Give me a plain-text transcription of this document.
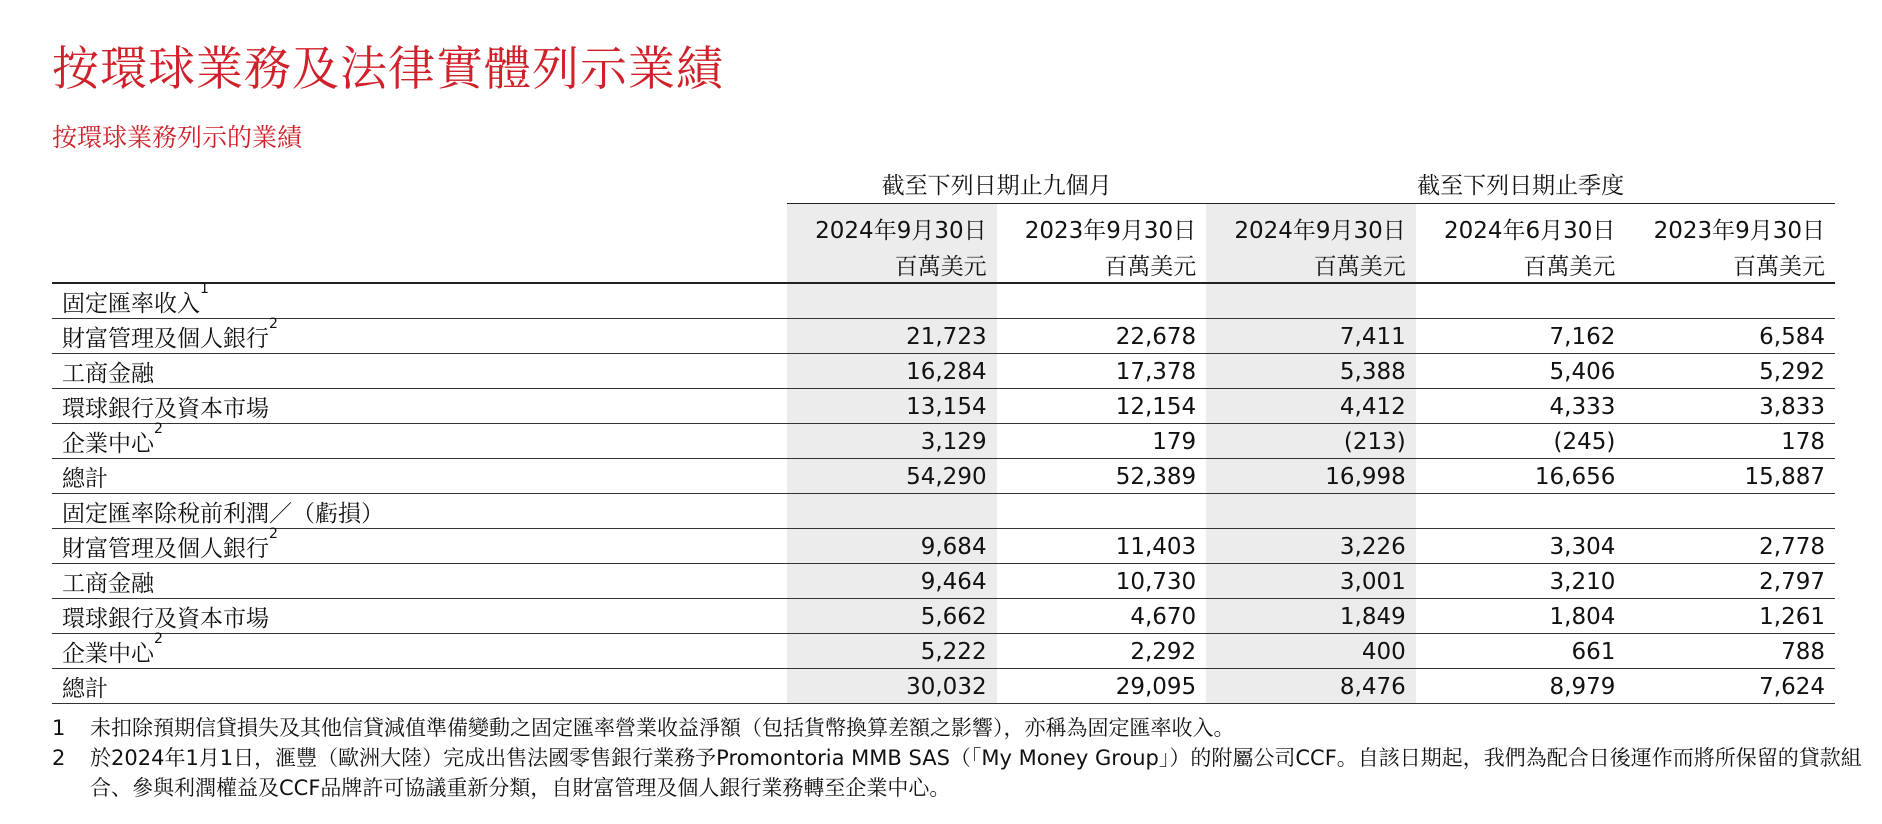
按環球業務及法律實體列示業績
按環球業務列示的業績
	截至下列日期止九個月		截至下列日期止季度		
	2024年9月30日	2023年9月30日	2024年9月30日	2024年6月30日	2023年9月30日
	百萬美元	百萬美元	百萬美元	百萬美元	百萬美元
固定匯率收入$^1$					
財富管理及個人銀行$^2$	21,723	22,678	7,411	7,162	6,584
工商金融	16,284	17,378	5,388	5,406	5,292
環球銀行及資本市場	13,154	12,154	4,412	4,333	3,833
企業中心$^2$	3,129	179	(213)	(245)	178
總計	54,290	52,389	16,998	16,656	15,887
固定匯率除稅前利潤／（虧損）					
財富管理及個人銀行$^2$	9,684	11,403	3,226	3,304	2,778
工商金融	9,464	10,730	3,001	3,210	2,797
環球銀行及資本市場	5,662	4,670	1,849	1,804	1,261
企業中心$^2$	5,222	2,292	400	661	788
總計	30,032	29,095	8,476	8,979	7,624
1 未扣除預期信貸損失及其他信貸減值準備變動之固定匯率營業收益淨額（包括貨幣換算差額之影響），亦稱為固定匯率收入。
2 於2024年1月1日，滙豐（歐洲大陸）完成出售法國零售銀行業務予Promontoria MMB SAS（「My Money Group」）的附屬公司CCF。自該日期起，我們為配合日後運作而將所保留的貸款組合、參與利潤權益及CCF品牌許可協議重新分類，自財富管理及個人銀行業務轉至企業中心。
